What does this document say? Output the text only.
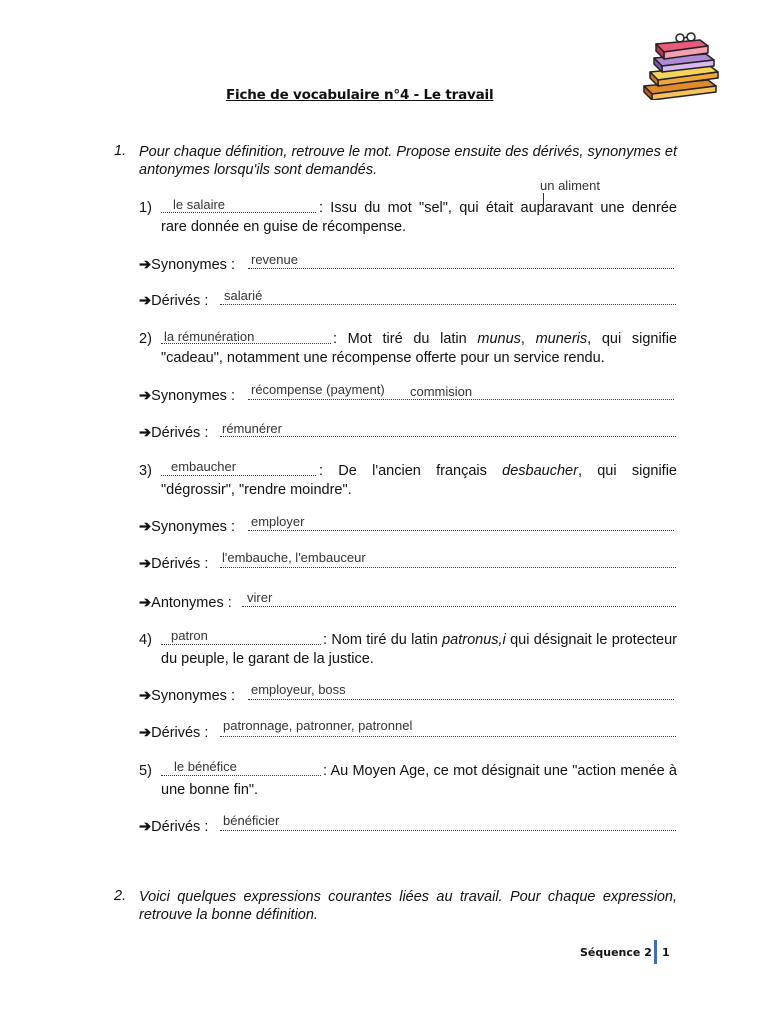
Fiche de vocabulaire n°4 - Le travail
1. Pour chaque définition, retrouve le mot. Propose ensuite des dérivés, synonymes et antonymes lorsqu'ils sont demandés.
un aliment
1) le salaire	: Issu du mot "sel", qui était auparavant une denrée rare donnée en guise de récompense.
➔Synonymes : revenue
➔Dérivés : salarié
2) la rémunération	: Mot tiré du latin munus, muneris, qui signifie "cadeau", notamment une récompense offerte pour un service rendu.
➔Synonymes : récompense (payment) commision
➔Dérivés : rémunérer
3) embaucher	: De l'ancien français desbaucher, qui signifie "dégrossir", "rendre moindre".
➔Synonymes : employer
➔Dérivés : l'embauche, l'embauceur
➔Antonymes : virer
4) patron	: Nom tiré du latin patronus,i qui désignait le protecteur du peuple, le garant de la justice.
➔Synonymes : employeur, boss
➔Dérivés : patronnage, patronner, patronnel
5) le bénéfice	: Au Moyen Age, ce mot désignait une "action menée à une bonne fin".
➔Dérivés : bénéficier
2. Voici quelques expressions courantes liées au travail. Pour chaque expression, retrouve la bonne définition.
Séquence 2 1
